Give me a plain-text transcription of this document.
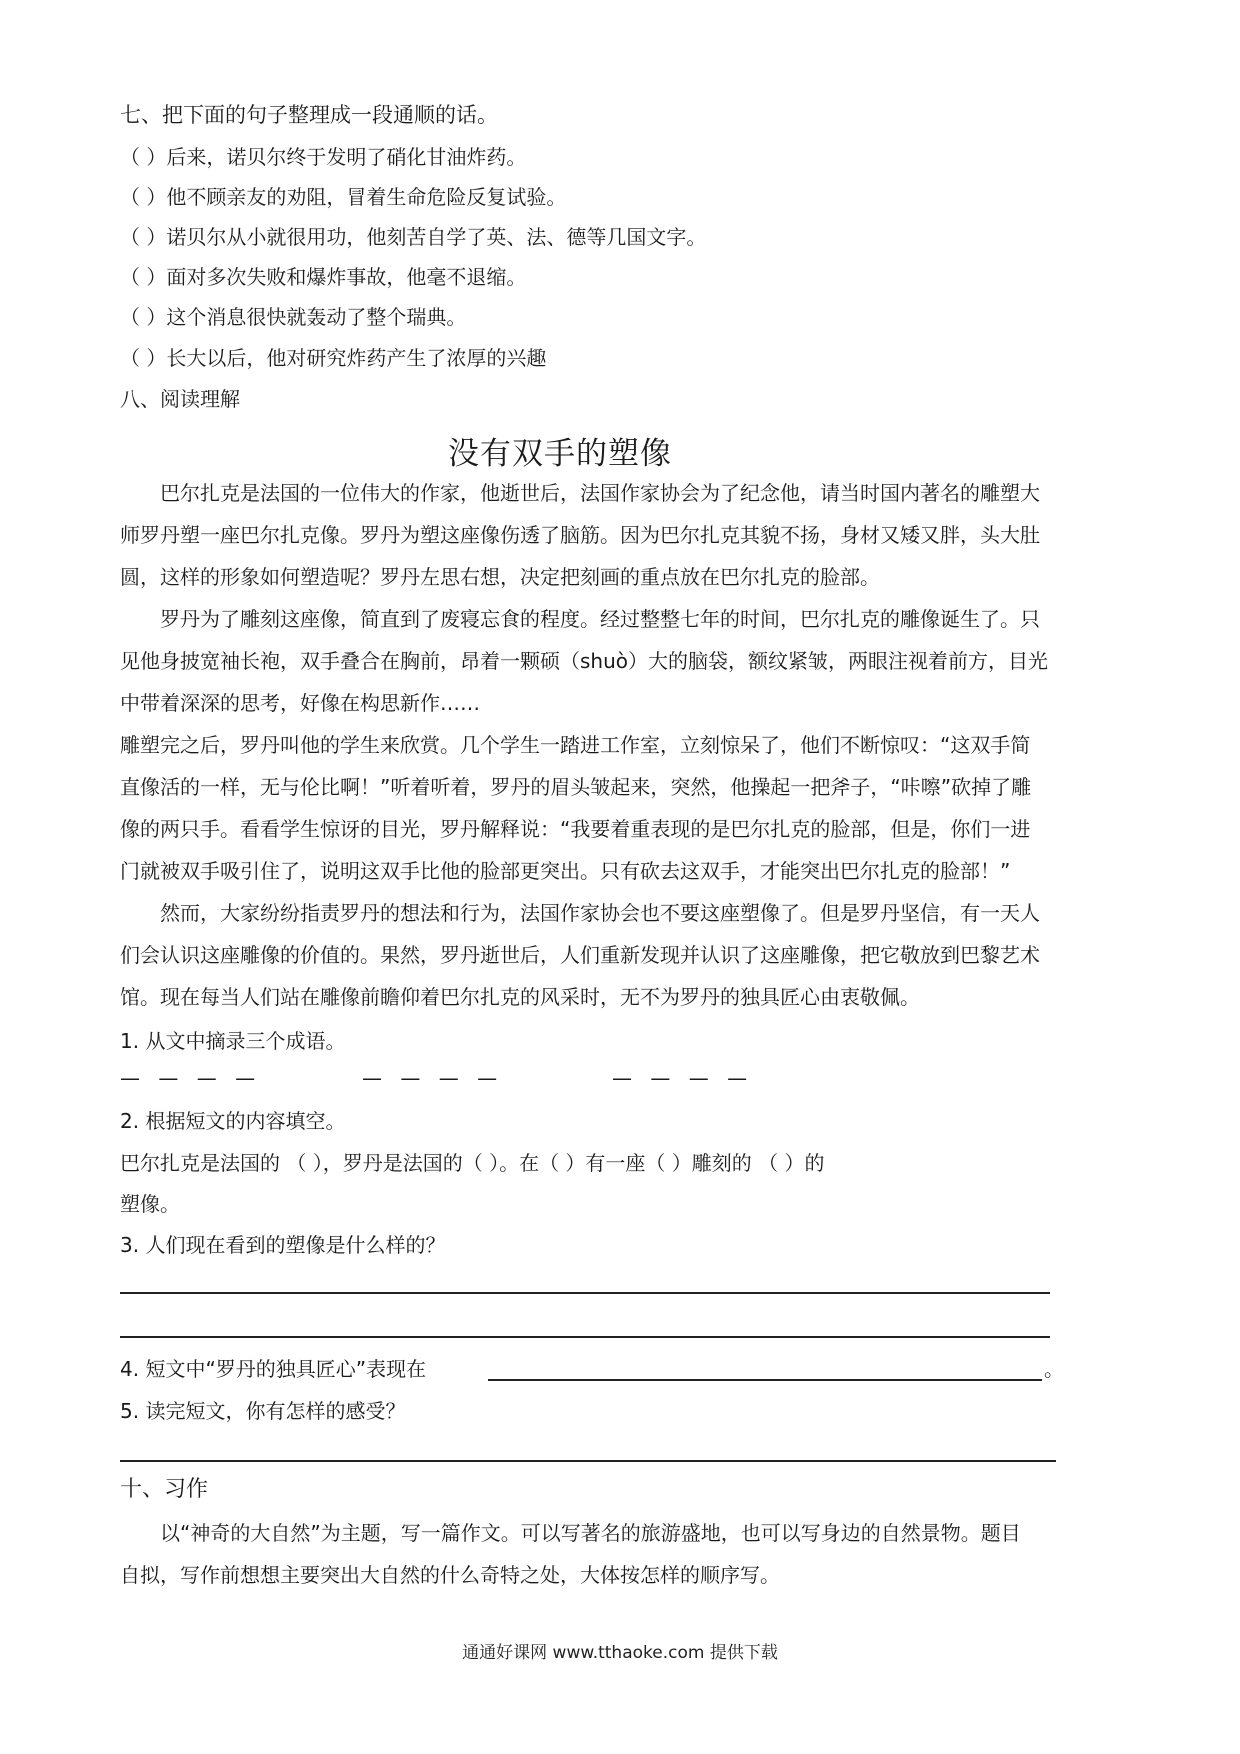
七、把下面的句子整理成一段通顺的话。
（ ）后来，诺贝尔终于发明了硝化甘油炸药。
（ ）他不顾亲友的劝阻，冒着生命危险反复试验。
（ ）诺贝尔从小就很用功，他刻苦自学了英、法、德等几国文字。
（ ）面对多次失败和爆炸事故，他毫不退缩。
（ ）这个消息很快就轰动了整个瑞典。
（ ）长大以后，他对研究炸药产生了浓厚的兴趣
八、阅读理解
没有双手的塑像
　　巴尔扎克是法国的一位伟大的作家，他逝世后，法国作家协会为了纪念他，请当时国内著名的雕塑大
师罗丹塑一座巴尔扎克像。罗丹为塑这座像伤透了脑筋。因为巴尔扎克其貌不扬，身材又矮又胖，头大肚
圆，这样的形象如何塑造呢？罗丹左思右想，决定把刻画的重点放在巴尔扎克的脸部。
　　罗丹为了雕刻这座像，简直到了废寝忘食的程度。经过整整七年的时间，巴尔扎克的雕像诞生了。只
见他身披宽袖长袍，双手叠合在胸前，昂着一颗硕（shuò）大的脑袋，额纹紧皱，两眼注视着前方，目光
中带着深深的思考，好像在构思新作……
雕塑完之后，罗丹叫他的学生来欣赏。几个学生一踏进工作室，立刻惊呆了，他们不断惊叹：“这双手简
直像活的一样，无与伦比啊！”听着听着，罗丹的眉头皱起来，突然，他操起一把斧子，“咔嚓”砍掉了雕
像的两只手。看看学生惊讶的目光，罗丹解释说：“我要着重表现的是巴尔扎克的脸部，但是，你们一进
门就被双手吸引住了，说明这双手比他的脸部更突出。只有砍去这双手，才能突出巴尔扎克的脸部！”
　　然而，大家纷纷指责罗丹的想法和行为，法国作家协会也不要这座塑像了。但是罗丹坚信，有一天人
们会认识这座雕像的价值的。果然，罗丹逝世后，人们重新发现并认识了这座雕像，把它敬放到巴黎艺术
馆。现在每当人们站在雕像前瞻仰着巴尔扎克的风采时，无不为罗丹的独具匠心由衷敬佩。
1. 从文中摘录三个成语。
— — — —	— — — —	— — — —
2. 根据短文的内容填空。
巴尔扎克是法国的 （ ），罗丹是法国的（ ）。在（ ）有一座（ ）雕刻的 （ ）的
塑像。
3. 人们现在看到的塑像是什么样的？
4. 短文中“罗丹的独具匠心”表现在	。
5. 读完短文，你有怎样的感受？
十、习作
　　以“神奇的大自然”为主题，写一篇作文。可以写著名的旅游盛地，也可以写身边的自然景物。题目
自拟，写作前想想主要突出大自然的什么奇特之处，大体按怎样的顺序写。
通通好课网 www.tthaoke.com 提供下载
